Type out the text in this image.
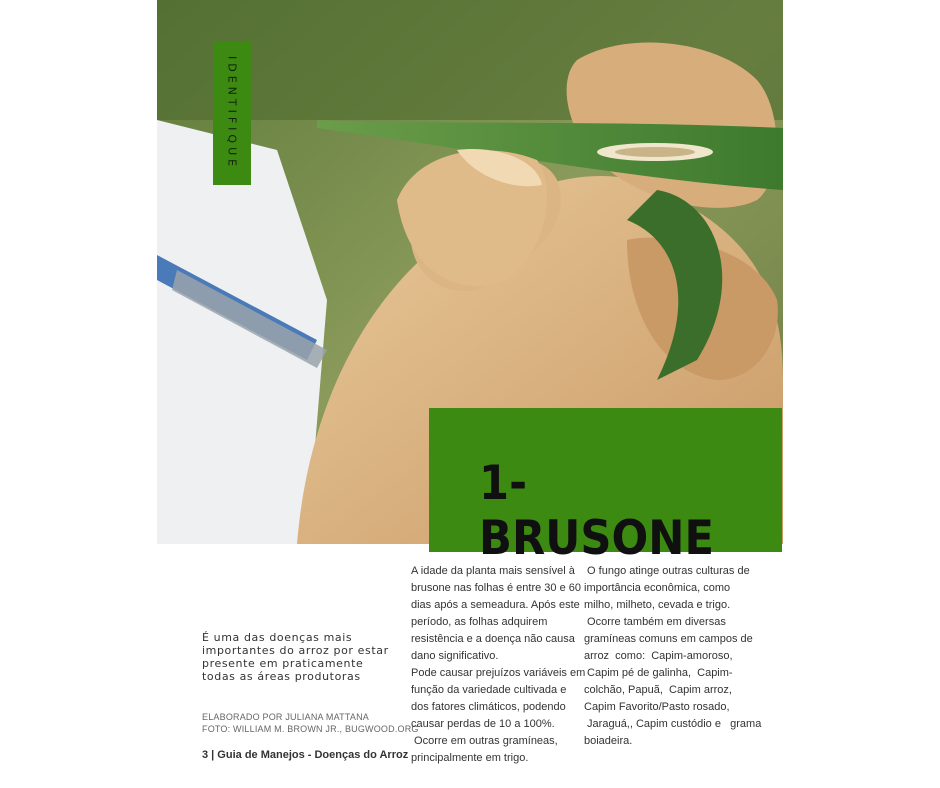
IDENTIFIQUE
1-BRUSONE

É uma das doenças mais importantes do arroz por estar presente em praticamente todas as áreas produtoras

ELABORADO POR JULIANA MATTANA
FOTO: WILLIAM M. BROWN JR., BUGWOOD.ORG
3 | Guia de Manejos - Doenças do Arroz
A idade da planta mais sensível à
brusone nas folhas é entre 30 e 60
dias após a semeadura. Após este
período, as folhas adquirem
resistência e a doença não causa
dano significativo.
Pode causar prejuízos variáveis em
função da variedade cultivada e
dos fatores climáticos, podendo
causar perdas de 10 a 100%.
Ocorre em outras gramíneas,
principalmente em trigo.
O fungo atinge outras culturas de
importância econômica, como
milho, milheto, cevada e trigo.
Ocorre também em diversas
gramíneas comuns em campos de
arroz  como:  Capim-amoroso,
Capim pé de galinha,  Capim-
colchão, Papuã,  Capim arroz,
Capim Favorito/Pasto rosado,
Jaraguá,, Capim custódio e   grama
boiadeira.
